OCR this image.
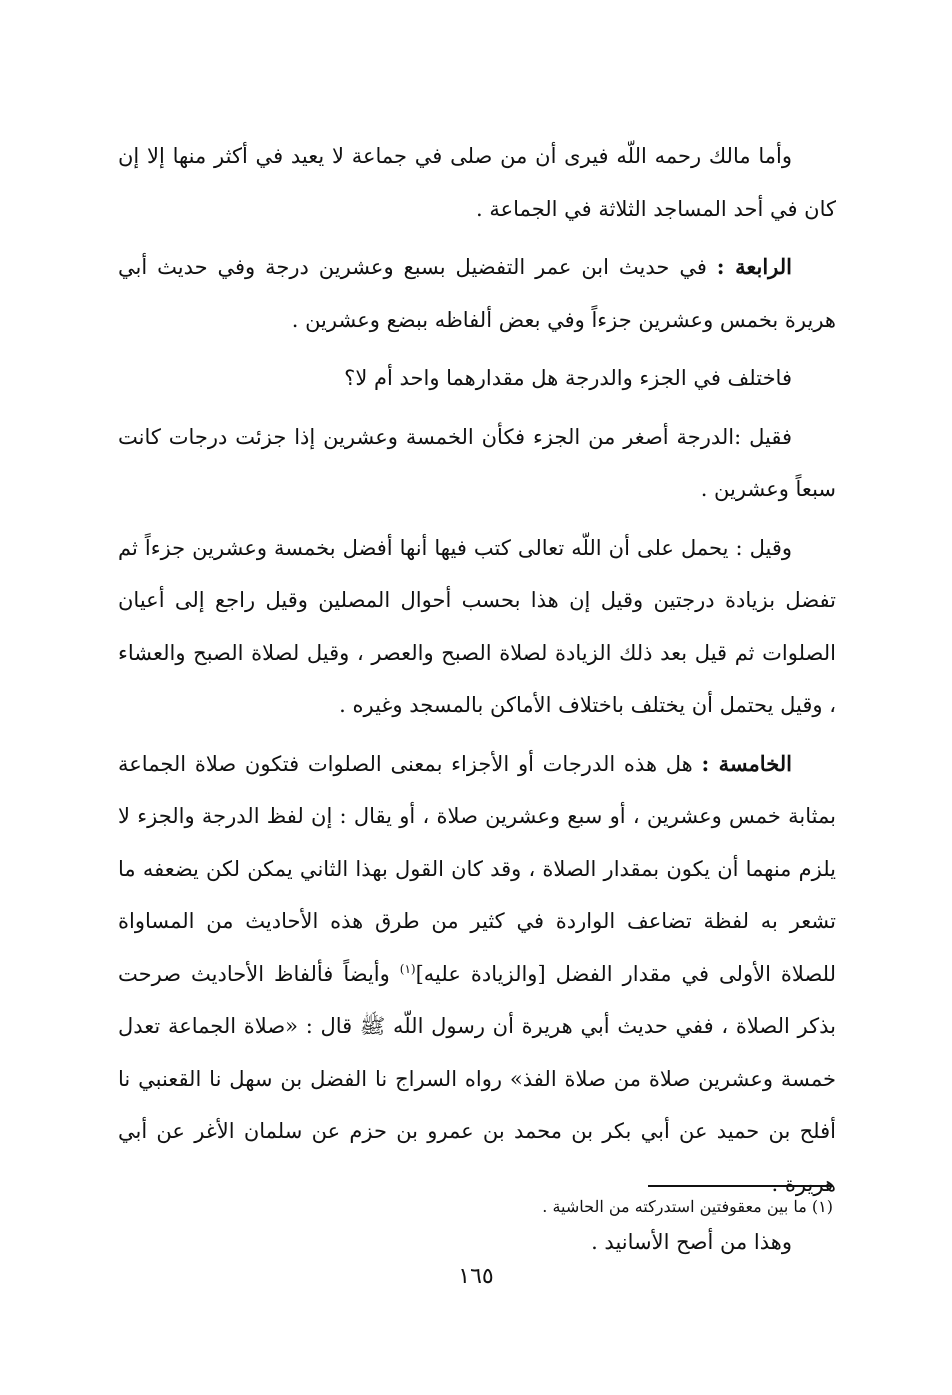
وأما مالك رحمه اللّه فيرى أن من صلى في جماعة لا يعيد في أكثر منها إلا إن كان في أحد المساجد الثلاثة في الجماعة .

الرابعة : في حديث ابن عمر التفضيل بسبع وعشرين درجة وفي حديث أبي هريرة بخمس وعشرين جزءاً وفي بعض ألفاظه ببضع وعشرين .

فاختلف في الجزء والدرجة هل مقدارهما واحد أم لا؟

فقيل :الدرجة أصغر من الجزء فكأن الخمسة وعشرين إذا جزئت درجات كانت سبعاً وعشرين .

وقيل : يحمل على أن اللّه تعالى كتب فيها أنها أفضل بخمسة وعشرين جزءاً ثم تفضل بزيادة درجتين وقيل إن هذا بحسب أحوال المصلين وقيل راجع إلى أعيان الصلوات ثم قيل بعد ذلك الزيادة لصلاة الصبح والعصر ، وقيل لصلاة الصبح والعشاء ، وقيل يحتمل أن يختلف باختلاف الأماكن بالمسجد وغيره .

الخامسة : هل هذه الدرجات أو الأجزاء بمعنى الصلوات فتكون صلاة الجماعة بمثابة خمس وعشرين ، أو سبع وعشرين صلاة ، أو يقال : إن لفظ الدرجة والجزء لا يلزم منهما أن يكون بمقدار الصلاة ، وقد كان القول بهذا الثاني يمكن لكن يضعفه ما تشعر به لفظة تضاعف الواردة في كثير من طرق هذه الأحاديث من المساواة للصلاة الأولى في مقدار الفضل [والزيادة عليه]$^{(١)}$ وأيضاً فألفاظ الأحاديث صرحت بذكر الصلاة ، ففي حديث أبي هريرة أن رسول اللّه ﷺ قال : «صلاة الجماعة تعدل خمسة وعشرين صلاة من صلاة الفذ» رواه السراج نا الفضل بن سهل نا القعنبي نا أفلح بن حميد عن أبي بكر بن محمد بن عمرو بن حزم عن سلمان الأغر عن أبي هريرة .

وهذا من أصح الأسانيد .

(١) ما بين معقوفتين استدركته من الحاشية .
١٦٥
